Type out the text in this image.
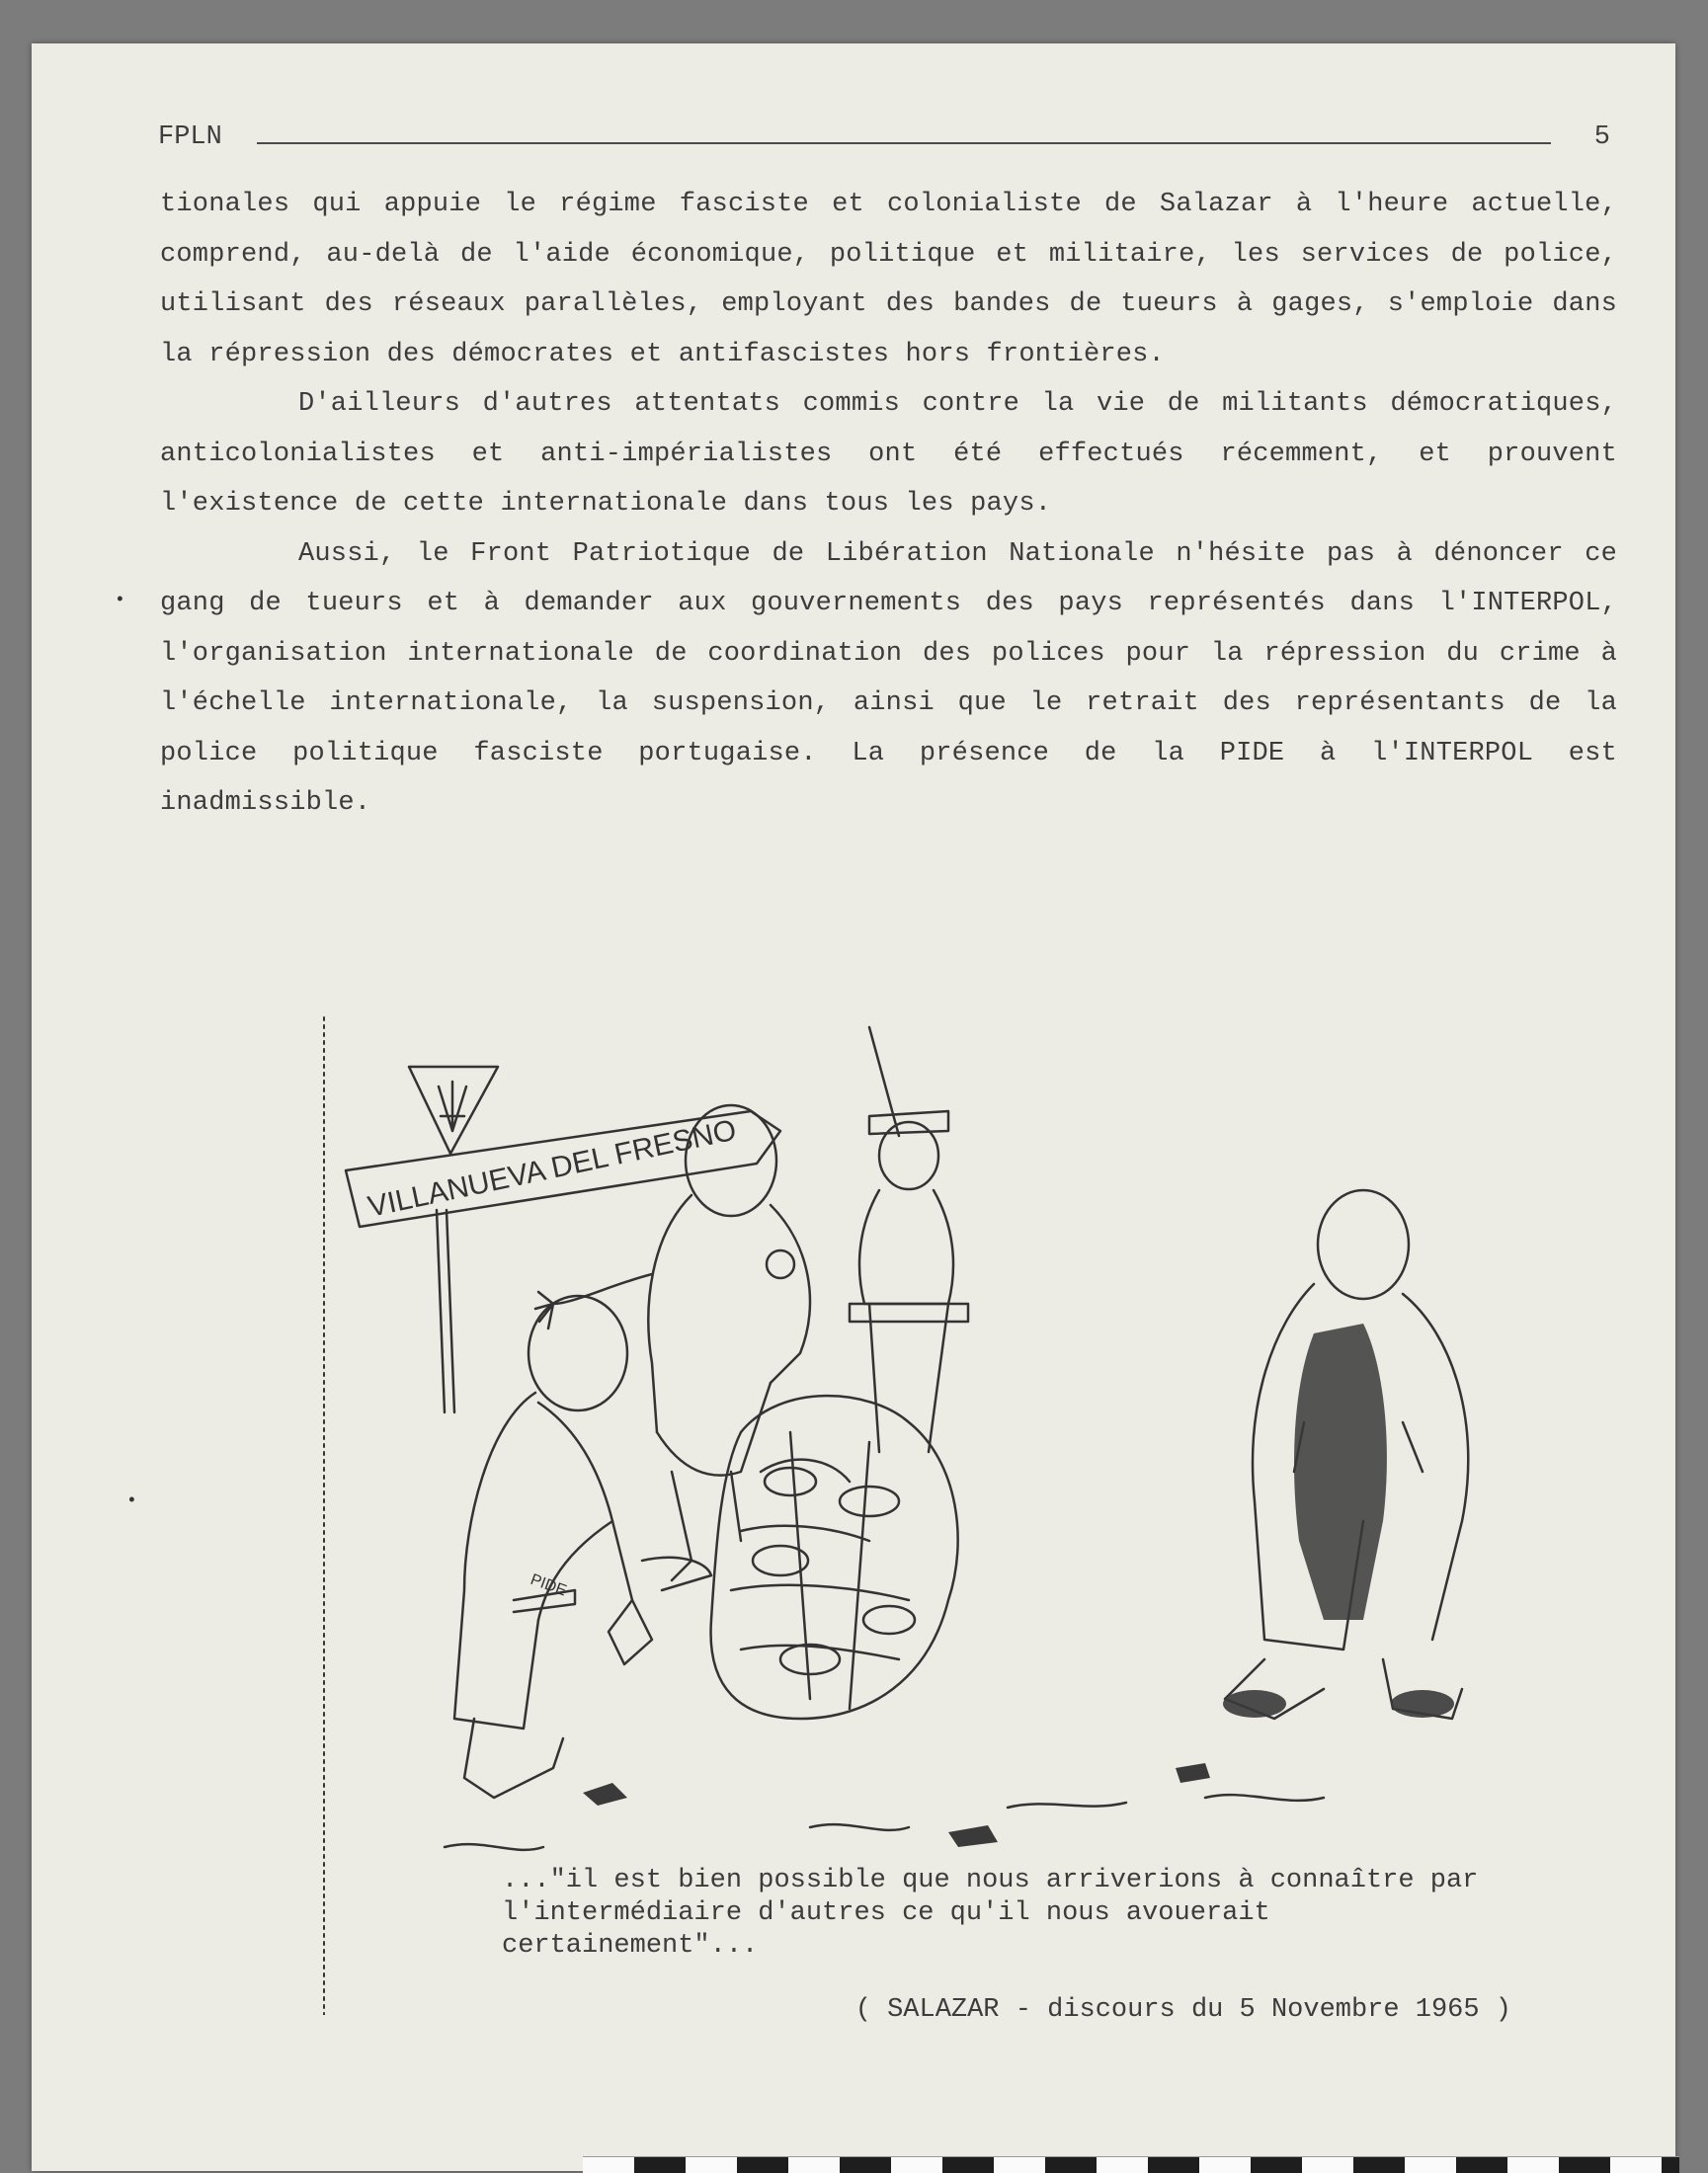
FPLN	5

tionales qui appuie le régime fasciste et colonialiste de Salazar à l'heure actuelle, comprend, au-delà de l'aide économique, politique et militaire, les services de police, utilisant des réseaux parallèles, employant des bandes de tueurs à gages, s'emploie dans la répression des démocrates et antifascistes hors frontières.

D'ailleurs d'autres attentats commis contre la vie de militants démocratiques, anticolonialistes et anti-impérialistes ont été effectués récemment, et prouvent l'existence de cette internationale dans tous les pays.

Aussi, le Front Patriotique de Libération Nationale n'hésite pas à dénoncer ce gang de tueurs et à demander aux gouvernements des pays représentés dans l'INTERPOL, l'organisation internationale de coordination des polices pour la répression du crime à l'échelle internationale, la suspension, ainsi que le retrait des représentants de la police politique fasciste portugaise. La présence de la PIDE à l'INTERPOL est inadmissible.

•
•
VILLANUEVA DEL FRESNO
PIDE

..."il est bien possible que nous arriverions à connaître par l'intermédiaire d'autres ce qu'il nous avouerait certainement"...

( SALAZAR - discours du 5 Novembre 1965 )
